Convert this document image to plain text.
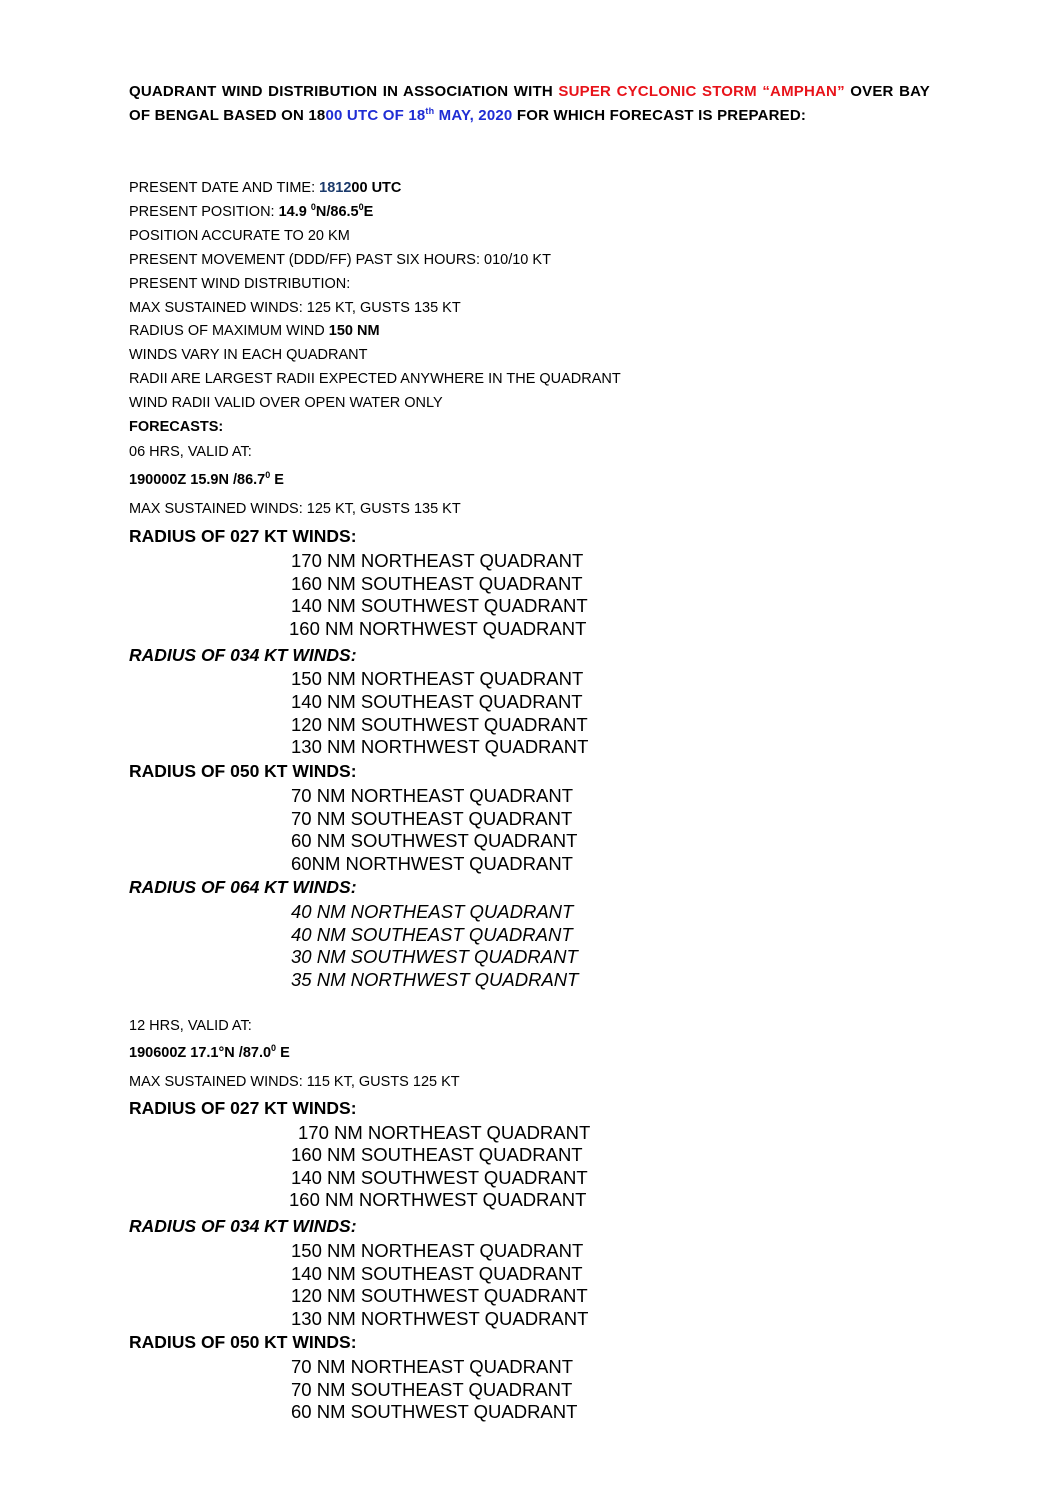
QUADRANT WIND DISTRIBUTION IN ASSOCIATION WITH SUPER CYCLONIC STORM “AMPHAN” OVER BAY OF BENGAL BASED ON 1800 UTC OF 18th MAY, 2020 FOR WHICH FORECAST IS PREPARED:
PRESENT DATE AND TIME: 181200 UTC
PRESENT POSITION: 14.9 $^0$N/86.5$^0$E
POSITION ACCURATE TO 20 KM
PRESENT MOVEMENT (DDD/FF) PAST SIX HOURS: 010/10 KT
PRESENT WIND DISTRIBUTION:
MAX SUSTAINED WINDS: 125 KT, GUSTS 135 KT
RADIUS OF MAXIMUM WIND 150 NM
WINDS VARY IN EACH QUADRANT
RADII ARE LARGEST RADII EXPECTED ANYWHERE IN THE QUADRANT
WIND RADII VALID OVER OPEN WATER ONLY
FORECASTS:
06 HRS, VALID AT:
190000Z 15.9N /86.7$^0$ E
MAX SUSTAINED WINDS: 125 KT, GUSTS 135 KT
RADIUS OF 027 KT WINDS:
170 NM NORTHEAST QUADRANT
160 NM SOUTHEAST QUADRANT
140 NM SOUTHWEST QUADRANT
160 NM NORTHWEST QUADRANT
RADIUS OF 034 KT WINDS:
150 NM NORTHEAST QUADRANT
140 NM SOUTHEAST QUADRANT
120 NM SOUTHWEST QUADRANT
130 NM NORTHWEST QUADRANT
RADIUS OF 050 KT WINDS:
70 NM NORTHEAST QUADRANT
70 NM SOUTHEAST QUADRANT
60 NM SOUTHWEST QUADRANT
60NM NORTHWEST QUADRANT
RADIUS OF 064 KT WINDS:
40 NM NORTHEAST QUADRANT
40 NM SOUTHEAST QUADRANT
30 NM SOUTHWEST QUADRANT
35 NM NORTHWEST QUADRANT
12 HRS, VALID AT:
190600Z 17.1°N /87.0$^0$ E
MAX SUSTAINED WINDS: 115 KT, GUSTS 125 KT
RADIUS OF 027 KT WINDS:
170 NM NORTHEAST QUADRANT
160 NM SOUTHEAST QUADRANT
140 NM SOUTHWEST QUADRANT
160 NM NORTHWEST QUADRANT
RADIUS OF 034 KT WINDS:
150 NM NORTHEAST QUADRANT
140 NM SOUTHEAST QUADRANT
120 NM SOUTHWEST QUADRANT
130 NM NORTHWEST QUADRANT
RADIUS OF 050 KT WINDS:
70 NM NORTHEAST QUADRANT
70 NM SOUTHEAST QUADRANT
60 NM SOUTHWEST QUADRANT
